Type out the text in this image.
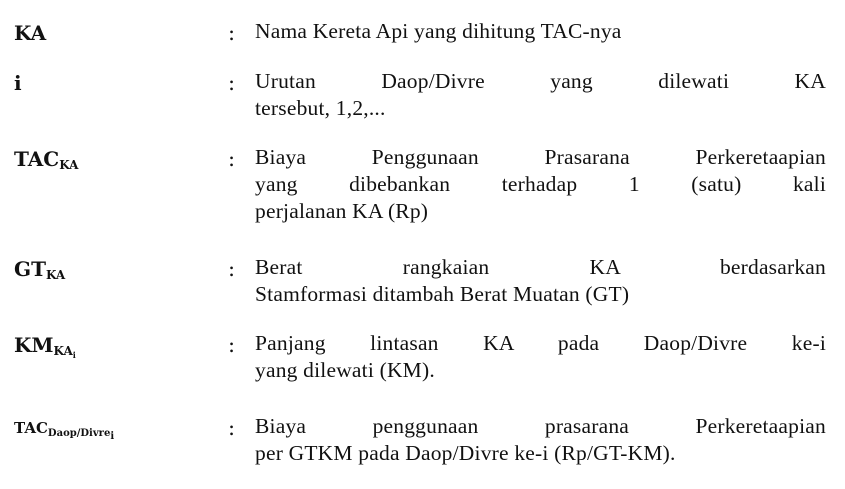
KA	: Nama Kereta Api yang dihitung TAC-nya
i	: Urutan Daop/Divre yang dilewati KA
tersebut, 1,2,...
$TAC_{KA}$	: Biaya Penggunaan Prasarana Perkeretaapian
yang dibebankan terhadap 1 (satu) kali
perjalanan KA (Rp)
$GT_{KA}$	: Berat rangkaian KA berdasarkan
Stamformasi ditambah Berat Muatan (GT)
$KM_{KA_i}$	: Panjang lintasan KA pada Daop/Divre ke-i
yang dilewati (KM).
$TAC_{Daop/Divre_i}$	: Biaya penggunaan prasarana Perkeretaapian
per GTKM pada Daop/Divre ke-i (Rp/GT-KM).
